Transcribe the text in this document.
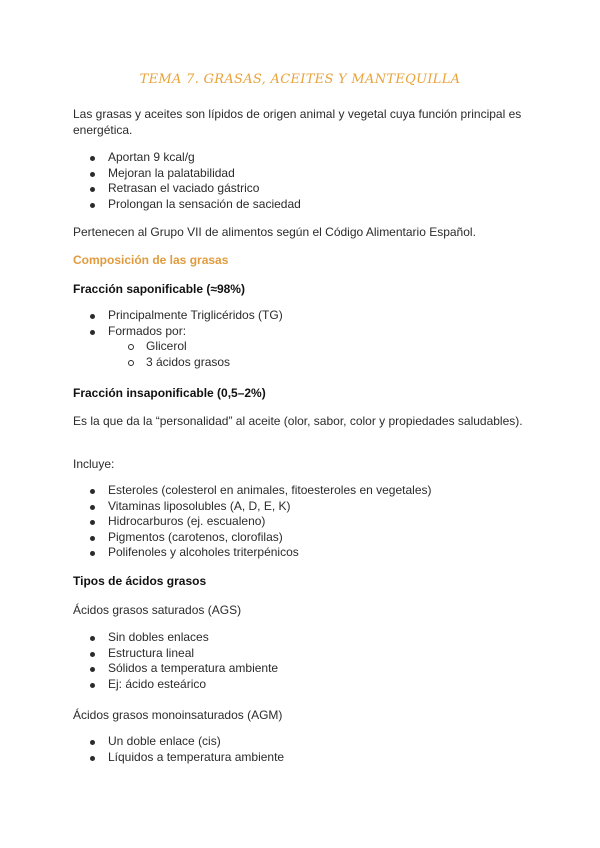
TEMA 7. GRASAS, ACEITES Y MANTEQUILLA
Las grasas y aceites son lípidos de origen animal y vegetal cuya función principal es energética.
Aportan 9 kcal/g
Mejoran la palatabilidad
Retrasan el vaciado gástrico
Prolongan la sensación de saciedad
Pertenecen al Grupo VII de alimentos según el Código Alimentario Español.
Composición de las grasas
Fracción saponificable (≈98%)
Principalmente Triglicéridos (TG)
Formados por:
Glicerol
3 ácidos grasos
Fracción insaponificable (0,5–2%)
Es la que da la “personalidad” al aceite (olor, sabor, color y propiedades saludables).
Incluye:
Esteroles (colesterol en animales, fitoesteroles en vegetales)
Vitaminas liposolubles (A, D, E, K)
Hidrocarburos (ej. escualeno)
Pigmentos (carotenos, clorofilas)
Polifenoles y alcoholes triterpénicos
Tipos de ácidos grasos
Ácidos grasos saturados (AGS)
Sin dobles enlaces
Estructura lineal
Sólidos a temperatura ambiente
Ej: ácido esteárico
Ácidos grasos monoinsaturados (AGM)
Un doble enlace (cis)
Líquidos a temperatura ambiente
